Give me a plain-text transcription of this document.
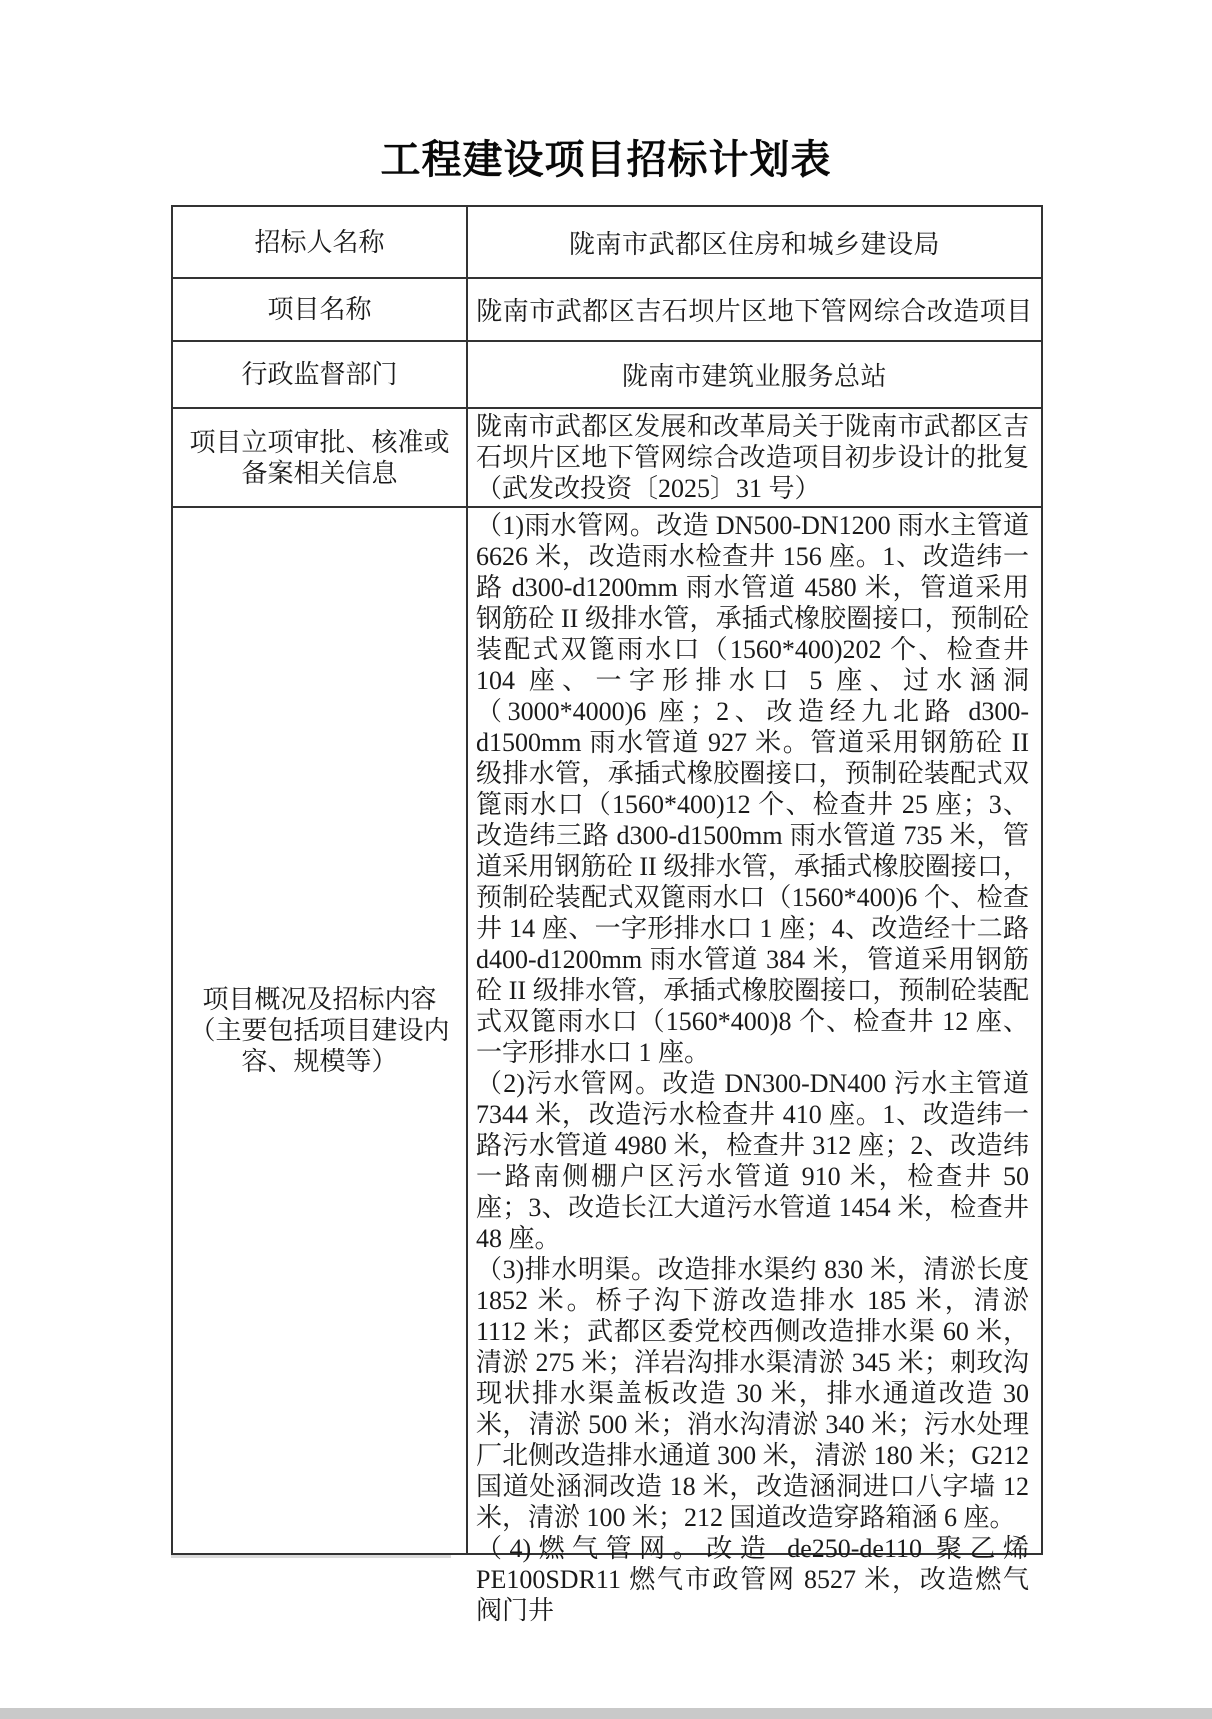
工程建设项目招标计划表
招标人名称	陇南市武都区住房和城乡建设局
项目名称	陇南市武都区吉石坝片区地下管网综合改造项目
行政监督部门	陇南市建筑业服务总站
项目立项审批、核准或备案相关信息	陇南市武都区发展和改革局关于陇南市武都区吉石坝片区地下管网综合改造项目初步设计的批复（武发改投资〔2025〕31 号）
项目概况及招标内容（主要包括项目建设内容、规模等）	（1)雨水管网。改造 DN500-DN1200 雨水主管道 6626 米，改造雨水检查井 156 座。1、改造纬一路 d300-d1200mm 雨水管道 4580 米，管道采用钢筋砼 II 级排水管，承插式橡胶圈接口，预制砼装配式双篦雨水口（1560*400)202 个、检查井 104 座、一字形排水口 5 座、过水涵洞（3000*4000)6 座；2、改造经九北路 d300-d1500mm 雨水管道 927 米。管道采用钢筋砼 II 级排水管，承插式橡胶圈接口，预制砼装配式双篦雨水口（1560*400)12 个、检查井 25 座；3、改造纬三路 d300-d1500mm 雨水管道 735 米，管道采用钢筋砼 II 级排水管，承插式橡胶圈接口，预制砼装配式双篦雨水口（1560*400)6 个、检查井 14 座、一字形排水口 1 座；4、改造经十二路 d400-d1200mm 雨水管道 384 米，管道采用钢筋砼 II 级排水管，承插式橡胶圈接口，预制砼装配式双篦雨水口（1560*400)8 个、检查井 12 座、一字形排水口 1 座。

（2)污水管网。改造 DN300-DN400 污水主管道 7344 米，改造污水检查井 410 座。1、改造纬一路污水管道 4980 米，检查井 312 座；2、改造纬一路南侧棚户区污水管道 910 米，检查井 50 座；3、改造长江大道污水管道 1454 米，检查井 48 座。

（3)排水明渠。改造排水渠约 830 米，清淤长度 1852 米。桥子沟下游改造排水 185 米，清淤 1112 米；武都区委党校西侧改造排水渠 60 米，清淤 275 米；洋岩沟排水渠清淤 345 米；刺玫沟现状排水渠盖板改造 30 米，排水通道改造 30 米，清淤 500 米；消水沟清淤 340 米；污水处理厂北侧改造排水通道 300 米，清淤 180 米；G212 国道处涵洞改造 18 米，改造涵洞进口八字墙 12 米，清淤 100 米；212 国道改造穿路箱涵 6 座。

（4)燃气管网。改造 de250-de110 聚乙烯 PE100SDR11 燃气市政管网 8527 米，改造燃气阀门井
